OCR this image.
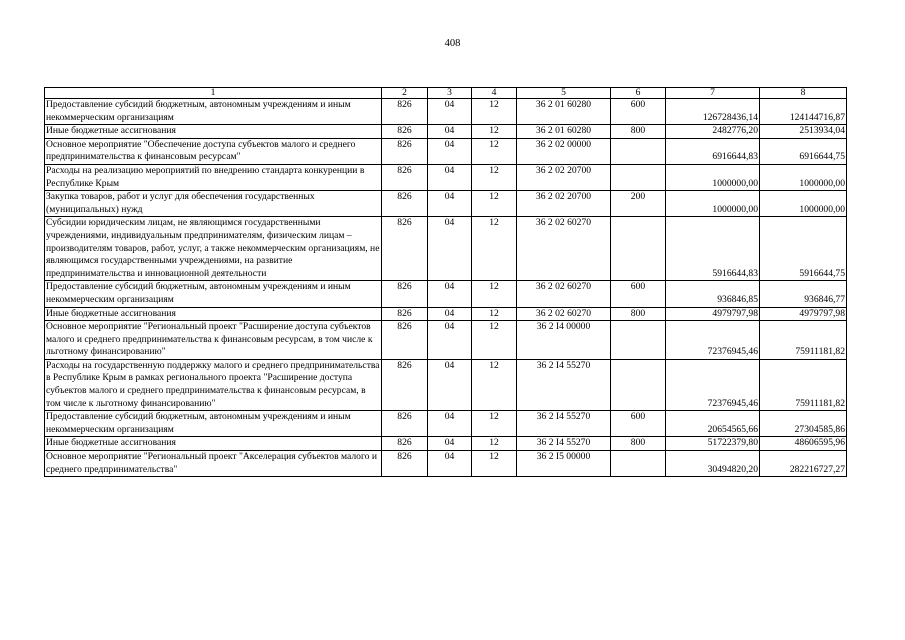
408
1	2	3	4	5	6	7	8
Предоставление субсидий бюджетным, автономным учреждениям и иным некоммерческим организациям	826	04	12	36 2 01 60280	600	126728436,14	124144716,87
Иные бюджетные ассигнования	826	04	12	36 2 01 60280	800	2482776,20	2513934,04
Основное мероприятие "Обеспечение доступа субъектов малого и среднего предпринимательства к финансовым ресурсам"	826	04	12	36 2 02 00000		6916644,83	6916644,75
Расходы на реализацию мероприятий по внедрению стандарта конкуренции в Республике Крым	826	04	12	36 2 02 20700		1000000,00	1000000,00
Закупка товаров, работ и услуг для обеспечения государственных (муниципальных) нужд	826	04	12	36 2 02 20700	200	1000000,00	1000000,00
Субсидии юридическим лицам, не являющимся государственными учреждениями, индивидуальным предпринимателям, физическим лицам – производителям товаров, работ, услуг, а также некоммерческим организациям, не являющимся государственными учреждениями, на развитие предпринимательства и инновационной деятельности	826	04	12	36 2 02 60270		5916644,83	5916644,75
Предоставление субсидий бюджетным, автономным учреждениям и иным некоммерческим организациям	826	04	12	36 2 02 60270	600	936846,85	936846,77
Иные бюджетные ассигнования	826	04	12	36 2 02 60270	800	4979797,98	4979797,98
Основное мероприятие "Региональный проект "Расширение доступа субъектов малого и среднего предпринимательства к финансовым ресурсам, в том числе к льготному финансированию"	826	04	12	36 2 I4 00000		72376945,46	75911181,82
Расходы на государственную поддержку малого и среднего предпринимательства в Республике Крым в рамках регионального проекта "Расширение доступа субъектов малого и среднего предпринимательства к финансовым ресурсам, в том числе к льготному финансированию"	826	04	12	36 2 I4 55270		72376945,46	75911181,82
Предоставление субсидий бюджетным, автономным учреждениям и иным некоммерческим организациям	826	04	12	36 2 I4 55270	600	20654565,66	27304585,86
Иные бюджетные ассигнования	826	04	12	36 2 I4 55270	800	51722379,80	48606595,96
Основное мероприятие "Региональный проект "Акселерация субъектов малого и среднего предпринимательства"	826	04	12	36 2 I5 00000		30494820,20	282216727,27
